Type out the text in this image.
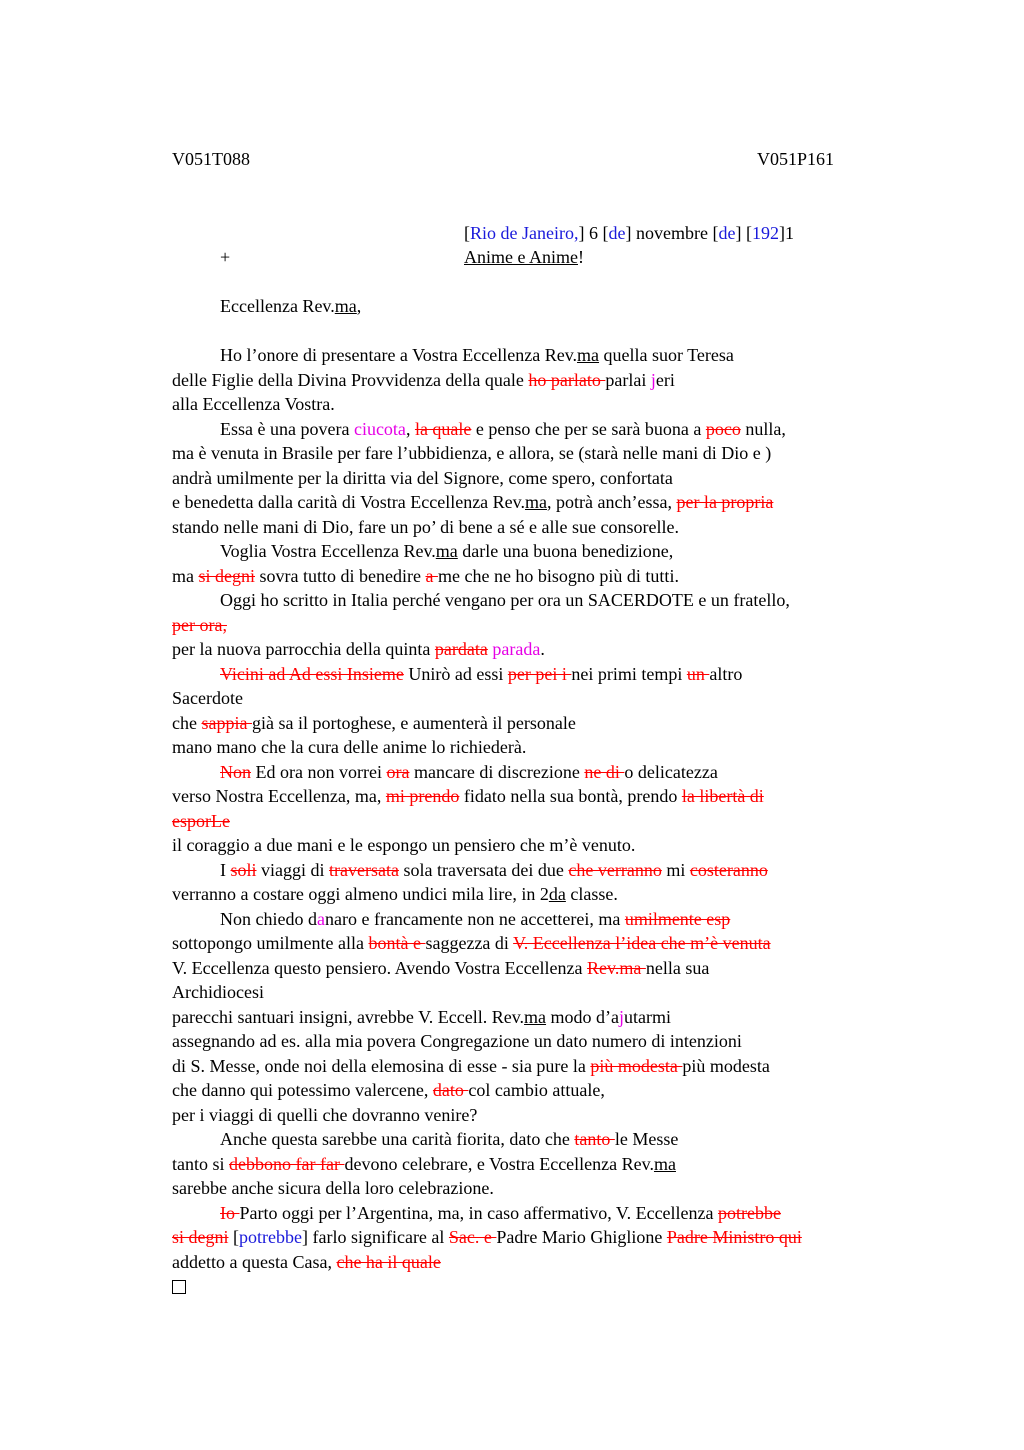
V051T088	V051P161
[Rio de Janeiro,] 6 [de] novembre [de] [192]1
+	Anime e Anime!
Eccellenza Rev.ma,
Ho l’onore di presentare a Vostra Eccellenza Rev.ma quella suor Teresa
delle Figlie della Divina Provvidenza della quale ho parlato parlai jeri
alla Eccellenza Vostra.
Essa è una povera ciucota, la quale e penso che per se sarà buona a poco nulla,
ma è venuta in Brasile per fare l’ubbidienza, e allora, se (starà nelle mani di Dio e )
andrà umilmente per la diritta via del Signore, come spero, confortata
e benedetta dalla carità di Vostra Eccellenza Rev.ma, potrà anch’essa, per la propria
stando nelle mani di Dio, fare un po’ di bene a sé e alle sue consorelle.
Voglia Vostra Eccellenza Rev.ma darle una buona benedizione,
ma si degni sovra tutto di benedire a me che ne ho bisogno più di tutti.
Oggi ho scritto in Italia perché vengano per ora un SACERDOTE e un fratello,
per ora,
per la nuova parrocchia della quinta pardata parada.
Vicini ad Ad essi Insieme Unirò ad essi per pei i nei primi tempi un altro
Sacerdote
che sappia già sa il portoghese, e aumenterà il personale
mano mano che la cura delle anime lo richiederà.
Non Ed ora non vorrei ora mancare di discrezione ne di o delicatezza
verso Nostra Eccellenza, ma, mi prendo fidato nella sua bontà, prendo la libertà di
esporLe
il coraggio a due mani e le espongo un pensiero che m’è venuto.
I soli viaggi di traversata sola traversata dei due che verranno mi costeranno
verranno a costare oggi almeno undici mila lire, in 2da classe.
Non chiedo danaro e francamente non ne accetterei, ma umilmente esp
sottopongo umilmente alla bontà e saggezza di V. Eccellenza l’idea che m’è venuta
V. Eccellenza questo pensiero. Avendo Vostra Eccellenza Rev.ma nella sua
Archidiocesi
parecchi santuari insigni, avrebbe V. Eccell. Rev.ma modo d’ajutarmi
assegnando ad es. alla mia povera Congregazione un dato numero di intenzioni
di S. Messe, onde noi della elemosina di esse - sia pure la più modesta più modesta
che danno qui potessimo valercene, dato col cambio attuale,
per i viaggi di quelli che dovranno venire?
Anche questa sarebbe una carità fiorita, dato che tanto le Messe
tanto si debbono far far devono celebrare, e Vostra Eccellenza Rev.ma
sarebbe anche sicura della loro celebrazione.
Io Parto oggi per l’Argentina, ma, in caso affermativo, V. Eccellenza potrebbe
si degni [potrebbe] farlo significare al Sac. e Padre Mario Ghiglione Padre Ministro qui
addetto a questa Casa, che ha il quale
